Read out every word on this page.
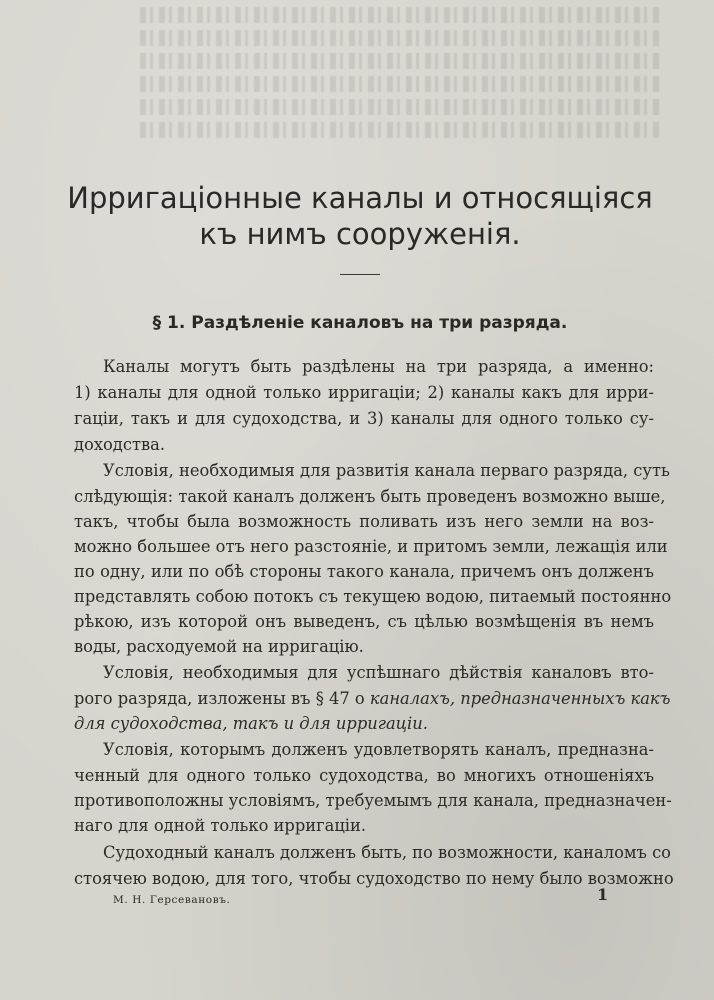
Ирригаціонные каналы и относящіяся
къ нимъ сооруженія.
§ 1. Раздѣленіе каналовъ на три разряда.
Каналы могутъ быть раздѣлены на три разряда, а именно:
1) каналы для одной только ирригаціи; 2) каналы какъ для ирри-
гаціи, такъ и для судоходства, и 3) каналы для одного только су-
доходства.
Условія, необходимыя для развитія канала перваго разряда, суть
слѣдующія: такой каналъ долженъ быть проведенъ возможно выше,
такъ, чтобы была возможность поливать изъ него земли на воз-
можно большее отъ него разстояніе, и притомъ земли, лежащія или
по одну, или по обѣ стороны такого канала, причемъ онъ долженъ
представлять собою потокъ съ текущею водою, питаемый постоянно
рѣкою, изъ которой онъ выведенъ, съ цѣлью возмѣщенія въ немъ
воды, расходуемой на ирригацію.
Условія, необходимыя для успѣшнаго дѣйствія каналовъ вто-
рого разряда, изложены въ § 47 о каналахъ, предназначенныхъ какъ
для судоходства, такъ и для ирригаціи.
Условія, которымъ долженъ удовлетворять каналъ, предназна-
ченный для одного только судоходства, во многихъ отношеніяхъ
противоположны условіямъ, требуемымъ для канала, предназначен-
наго для одной только ирригаціи.
Судоходный каналъ долженъ быть, по возможности, каналомъ со
стоячею водою, для того, чтобы судоходство по нему было возможно
1
М. Н. Герсевановъ.
